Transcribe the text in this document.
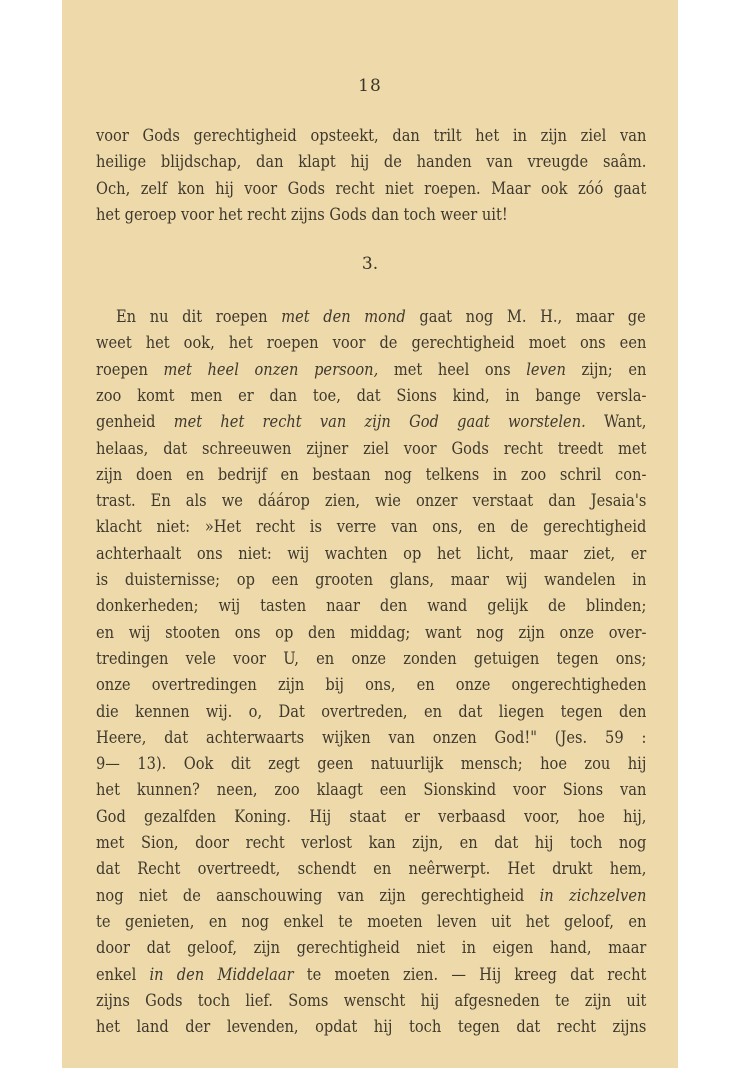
18
voor Gods gerechtigheid opsteekt, dan trilt het in zijn ziel van
heilige blijdschap, dan klapt hij de handen van vreugde saâm.
Och, zelf kon hij voor Gods recht niet roepen. Maar ook zóó gaat
het geroep voor het recht zijns Gods dan toch weer uit!
3.
En nu dit roepen met den mond gaat nog M. H., maar ge
weet het ook, het roepen voor de gerechtigheid moet ons een
roepen met heel onzen persoon, met heel ons leven zijn; en
zoo komt men er dan toe, dat Sions kind, in bange versla-
genheid met het recht van zijn God gaat worstelen. Want,
helaas, dat schreeuwen zijner ziel voor Gods recht treedt met
zijn doen en bedrijf en bestaan nog telkens in zoo schril con-
trast. En als we dáárop zien, wie onzer verstaat dan Jesaia's
klacht niet: »Het recht is verre van ons, en de gerechtigheid
achterhaalt ons niet: wij wachten op het licht, maar ziet, er
is duisternisse; op een grooten glans, maar wij wandelen in
donkerheden; wij tasten naar den wand gelijk de blinden;
en wij stooten ons op den middag; want nog zijn onze over-
tredingen vele voor U, en onze zonden getuigen tegen ons;
onze overtredingen zijn bij ons, en onze ongerechtigheden
die kennen wij. o, Dat overtreden, en dat liegen tegen den
Heere, dat achterwaarts wijken van onzen God!" (Jes. 59 :
9— 13). Ook dit zegt geen natuurlijk mensch; hoe zou hij
het kunnen? neen, zoo klaagt een Sionskind voor Sions van
God gezalfden Koning. Hij staat er verbaasd voor, hoe hij,
met Sion, door recht verlost kan zijn, en dat hij toch nog
dat Recht overtreedt, schendt en neêrwerpt. Het drukt hem,
nog niet de aanschouwing van zijn gerechtigheid in zichzelven
te genieten, en nog enkel te moeten leven uit het geloof, en
door dat geloof, zijn gerechtigheid niet in eigen hand, maar
enkel in den Middelaar te moeten zien. — Hij kreeg dat recht
zijns Gods toch lief. Soms wenscht hij afgesneden te zijn uit
het land der levenden, opdat hij toch tegen dat recht zijns
